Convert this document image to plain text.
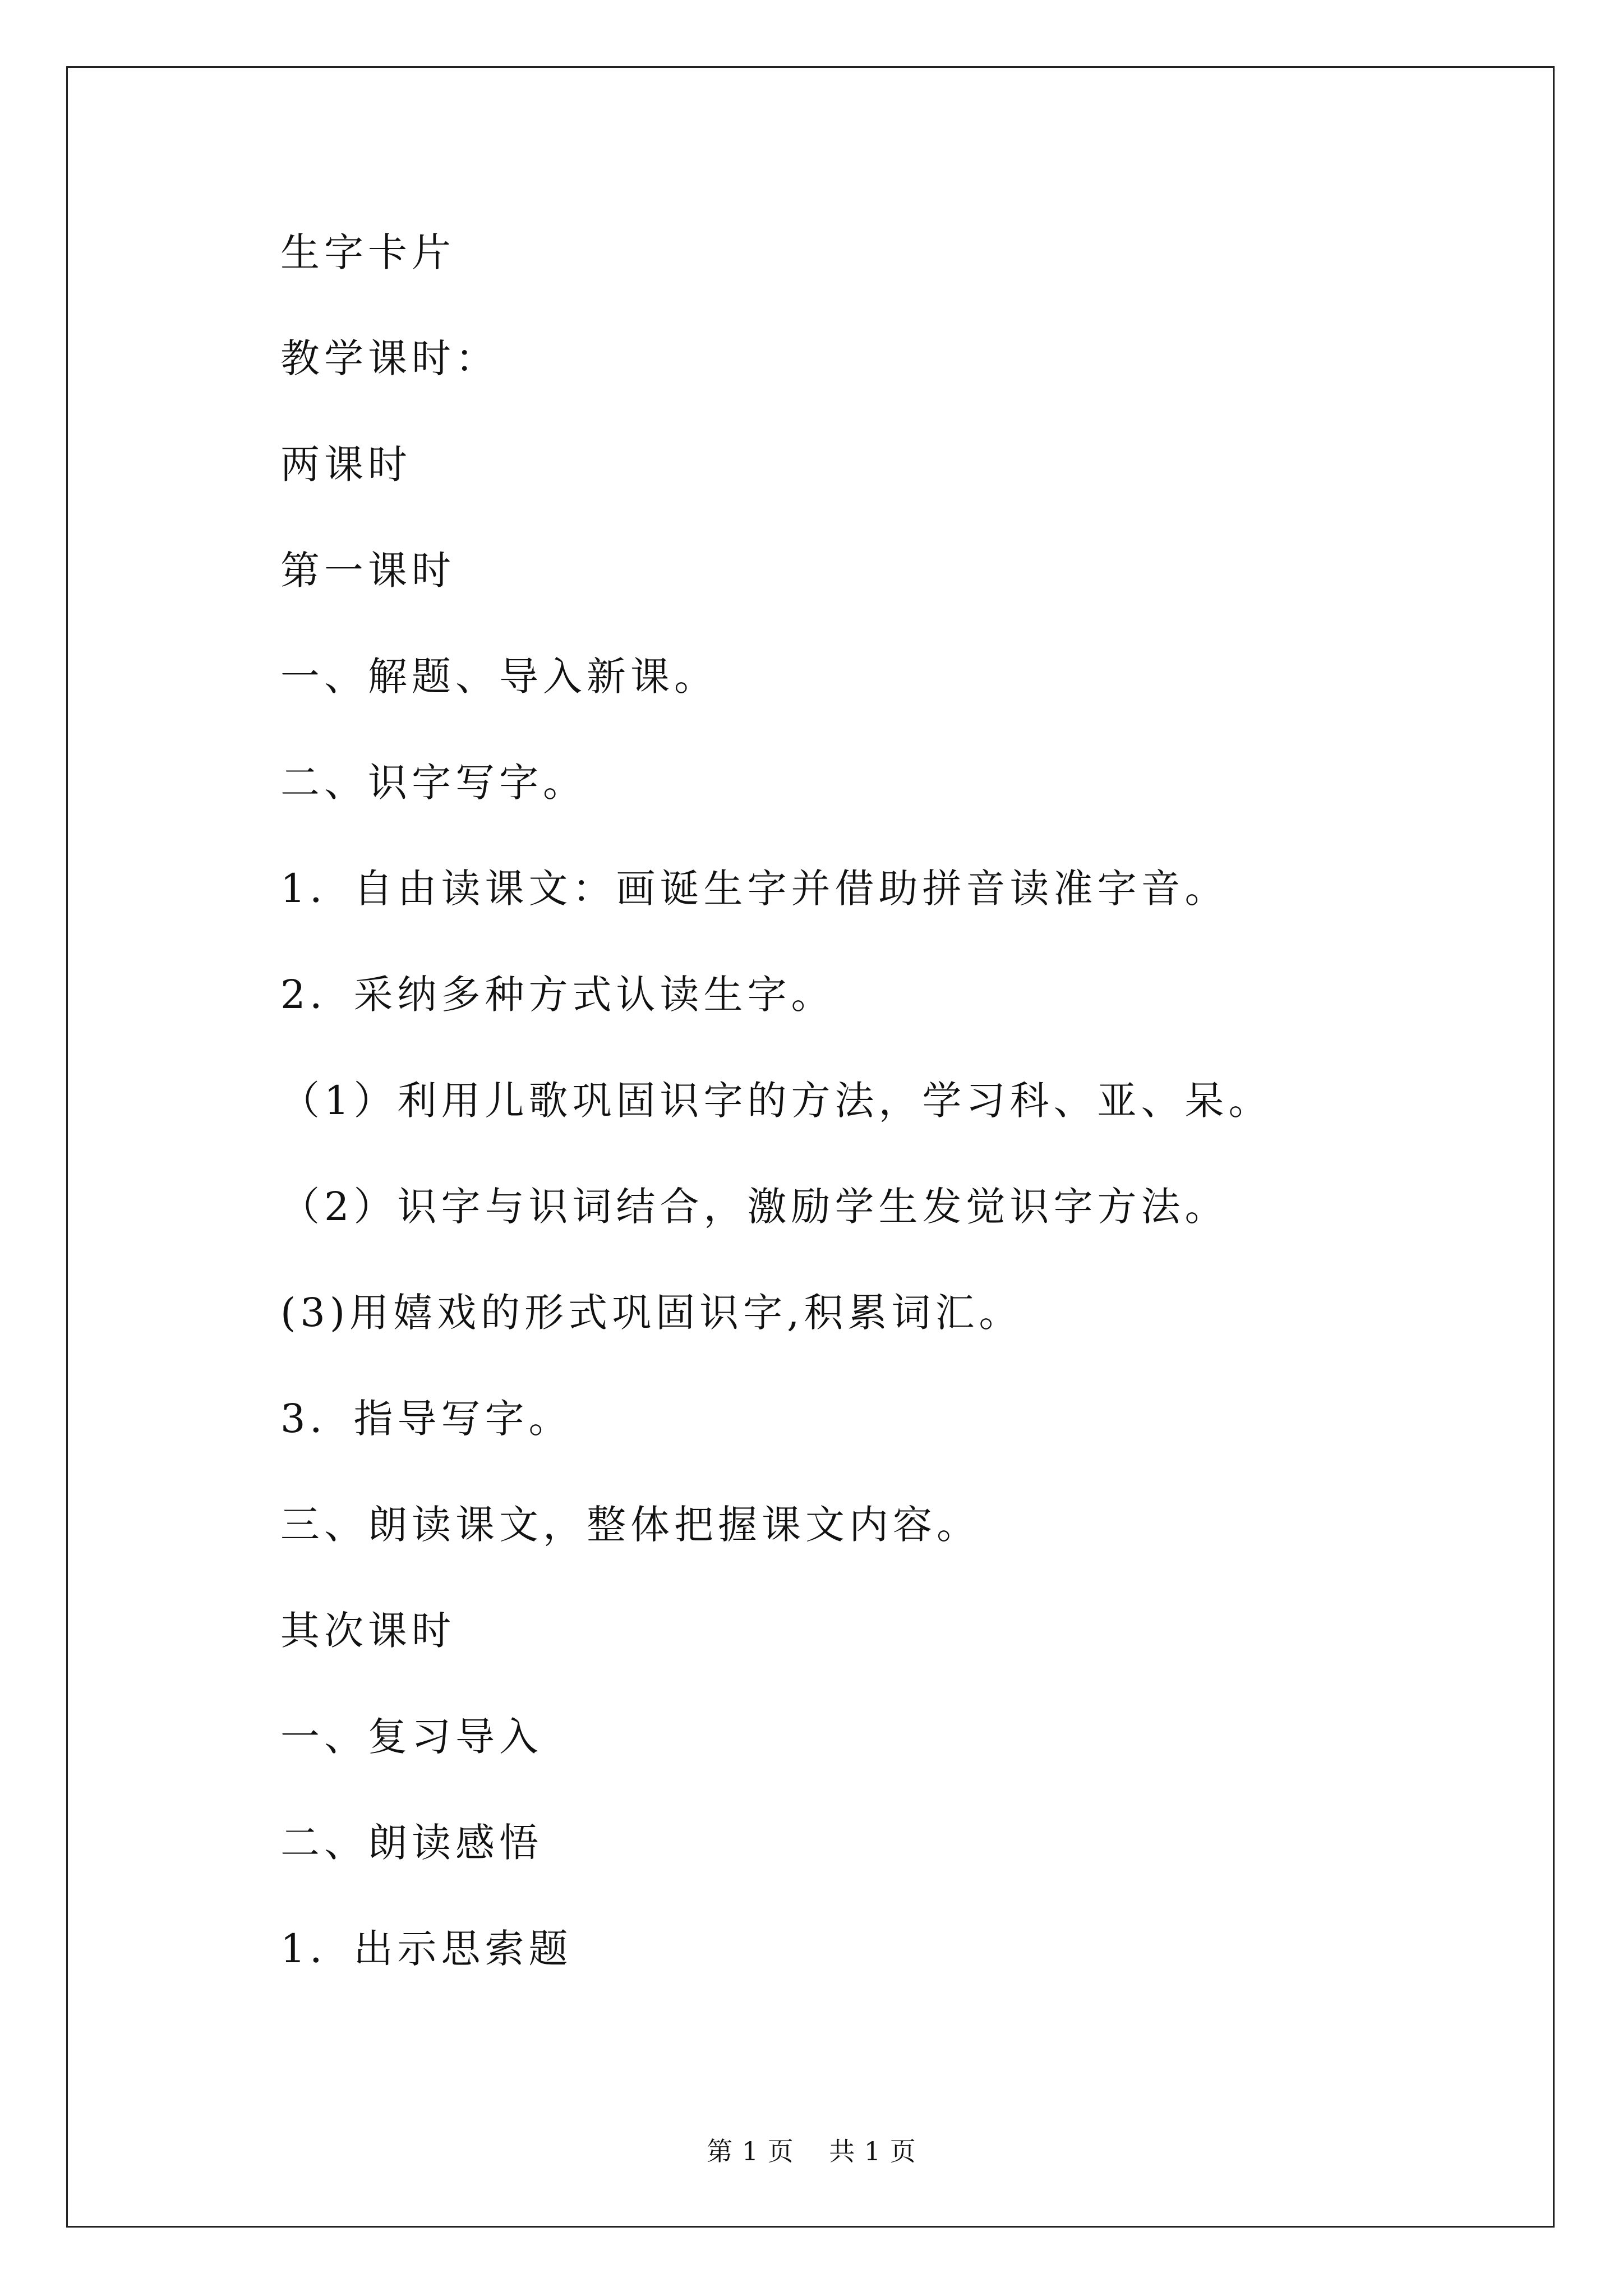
生字卡片
教学课时：
两课时
第一课时
一、解题、导入新课。
二、识字写字。
1．自由读课文：画诞生字并借助拼音读准字音。
2．采纳多种方式认读生字。
（1）利用儿歌巩固识字的方法，学习科、亚、呆。
（2）识字与识词结合，激励学生发觉识字方法。
(3)用嬉戏的形式巩固识字,积累词汇。
3．指导写字。
三、朗读课文，整体把握课文内容。
其次课时
一、复习导入
二、朗读感悟
1．出示思索题
第 1 页    共 1 页
